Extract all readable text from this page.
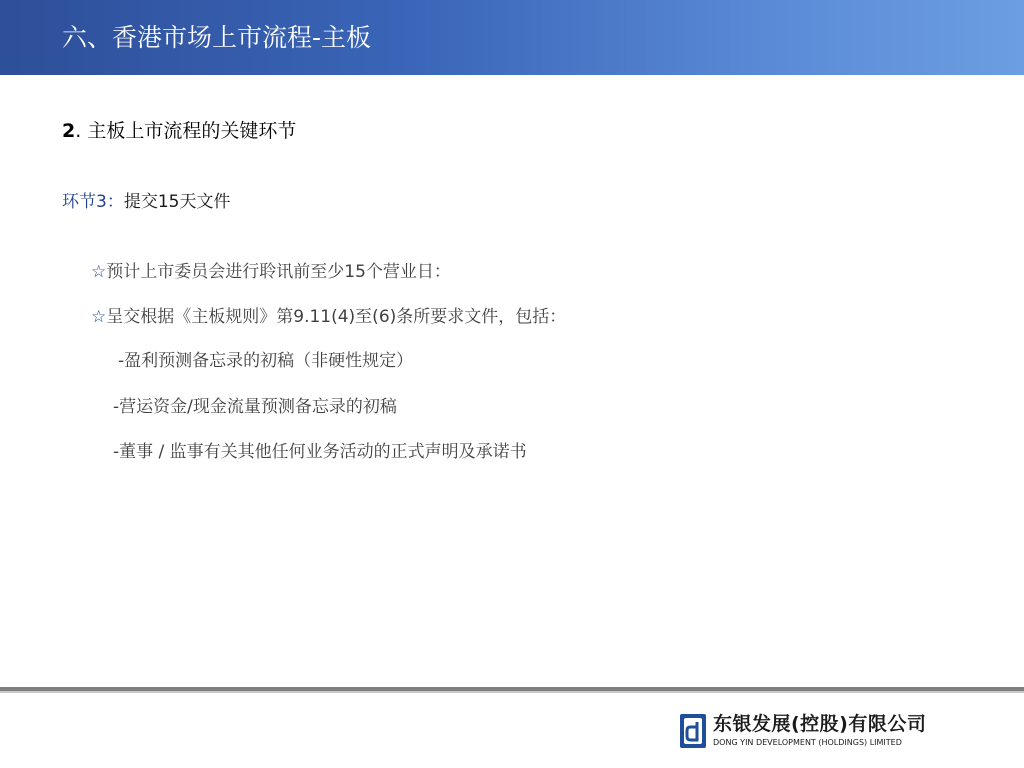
六、香港市场上市流程-主板
2. 主板上市流程的关键环节
环节3：提交15天文件
☆预计上市委员会进行聆讯前至少15个营业日：
☆呈交根据《主板规则》第9.11(4)至(6)条所要求文件，包括：
-盈利预测备忘录的初稿（非硬性规定）
-营运资金/现金流量预测备忘录的初稿
-董事 / 监事有关其他任何业务活动的正式声明及承诺书
东银发展(控股)有限公司
DONG YIN DEVELOPMENT (HOLDINGS) LIMITED
